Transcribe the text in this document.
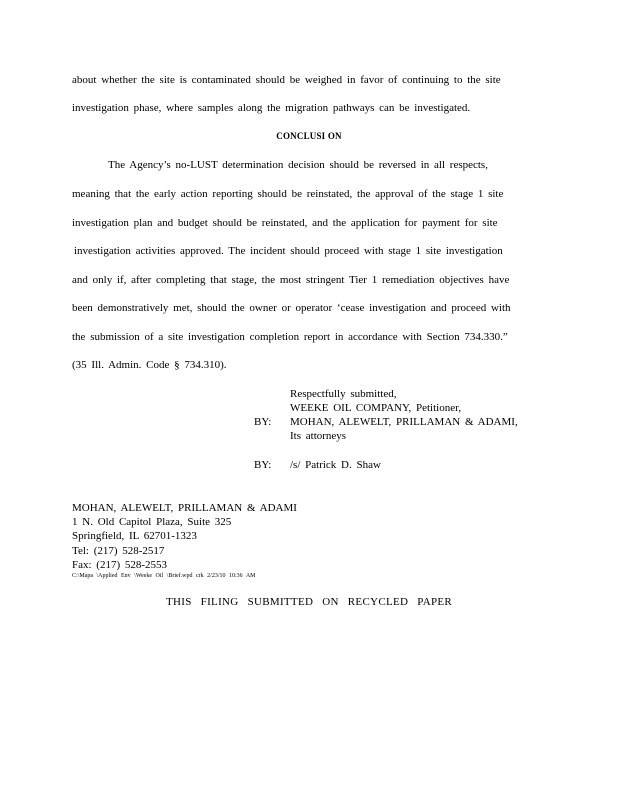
about whether the site is contaminated should be weighed in favor of continuing to the site
investigation phase, where samples along the migration pathways can be investigated.
CONCLUSI ON
The Agency’s no-LUST determination decision should be reversed in all respects,
meaning that the early action reporting should be reinstated, the approval of the stage 1 site
investigation plan and budget should be reinstated, and the application for payment for site
investigation activities approved. The incident should proceed with stage 1 site investigation
and only if, after completing that stage, the most stringent Tier 1 remediation objectives have
been demonstratively met, should the owner or operator ‘cease investigation and proceed with
the submission of a site investigation completion report in accordance with Section 734.330.”
(35 Ill. Admin. Code § 734.310).
Respectfully submitted,
WEEKE OIL COMPANY, Petitioner,
BY: MOHAN, ALEWELT, PRILLAMAN & ADAMI,
Its attorneys
BY: /s/ Patrick D. Shaw
MOHAN, ALEWELT, PRILLAMAN & ADAMI
1 N. Old Capitol Plaza, Suite 325
Springfield, IL 62701-1323
Tel: (217) 528-2517
Fax: (217) 528-2553
C:\Mapa \Applied Env \Weeke Oil \Brief.wpd crk 2/23/10 10:36 AM
THIS FILING SUBMITTED ON RECYCLED PAPER
